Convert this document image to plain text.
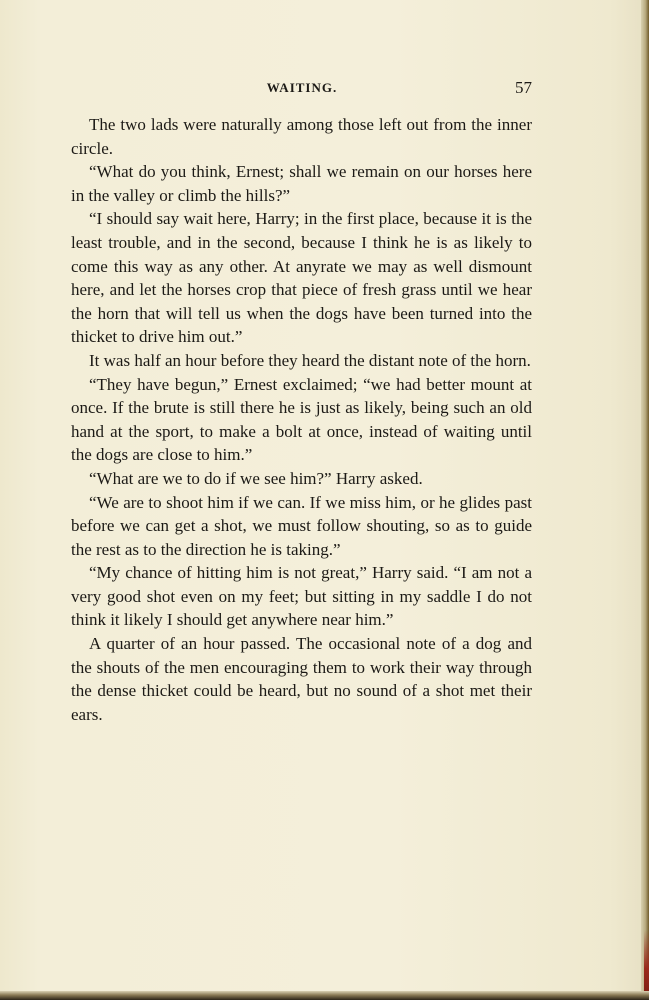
WAITING.	57

The two lads were naturally among those left out from the inner circle.

“What do you think, Ernest; shall we remain on our horses here in the valley or climb the hills?”

“I should say wait here, Harry; in the first place, because it is the least trouble, and in the second, because I think he is as likely to come this way as any other. At anyrate we may as well dismount here, and let the horses crop that piece of fresh grass until we hear the horn that will tell us when the dogs have been turned into the thicket to drive him out.”

It was half an hour before they heard the distant note of the horn.

“They have begun,” Ernest exclaimed; “we had better mount at once. If the brute is still there he is just as likely, being such an old hand at the sport, to make a bolt at once, instead of waiting until the dogs are close to him.”

“What are we to do if we see him?” Harry asked.

“We are to shoot him if we can. If we miss him, or he glides past before we can get a shot, we must follow shouting, so as to guide the rest as to the direction he is taking.”

“My chance of hitting him is not great,” Harry said. “I am not a very good shot even on my feet; but sitting in my saddle I do not think it likely I should get anywhere near him.”

A quarter of an hour passed. The occasional note of a dog and the shouts of the men encouraging them to work their way through the dense thicket could be heard, but no sound of a shot met their ears.
